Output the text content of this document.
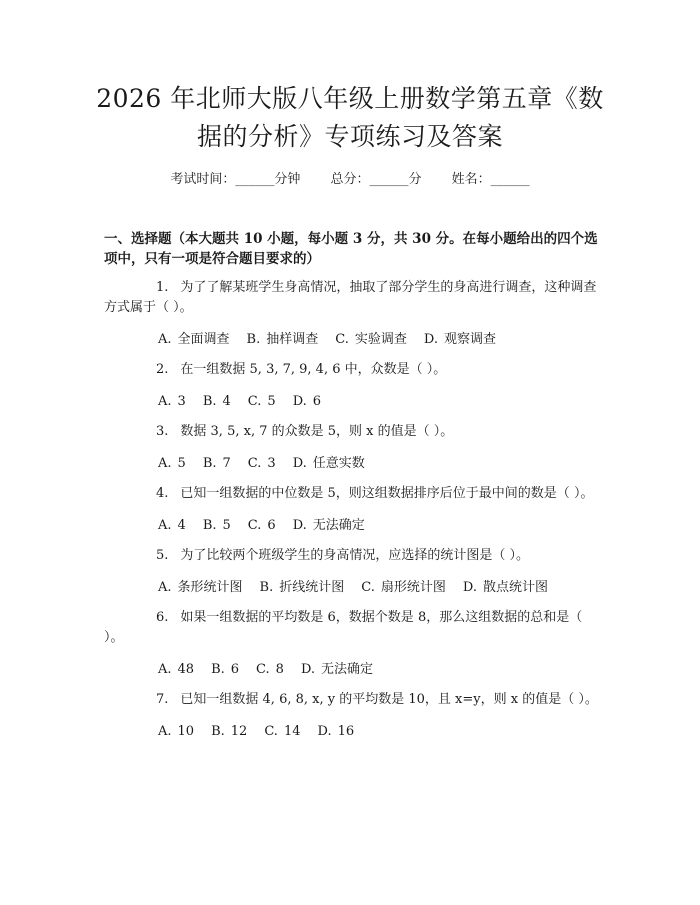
2026 年北师大版八年级上册数学第五章《数
据的分析》专项练习及答案
考试时间：______分钟 总分：______分 姓名：______
一、选择题（本大题共 10 小题，每小题 3 分，共 30 分。在每小题给出的四个选项中，只有一项是符合题目要求的）
1. 为了了解某班学生身高情况，抽取了部分学生的身高进行调查，这种调查方式属于（ ）。
A. 全面调查 B. 抽样调查 C. 实验调查 D. 观察调查
2. 在一组数据 5, 3, 7, 9, 4, 6 中，众数是（ ）。
A. 3 B. 4 C. 5 D. 6
3. 数据 3, 5, x, 7 的众数是 5，则 x 的值是（ ）。
A. 5 B. 7 C. 3 D. 任意实数
4. 已知一组数据的中位数是 5，则这组数据排序后位于最中间的数是（ ）。
A. 4 B. 5 C. 6 D. 无法确定
5. 为了比较两个班级学生的身高情况，应选择的统计图是（ ）。
A. 条形统计图 B. 折线统计图 C. 扇形统计图 D. 散点统计图
6. 如果一组数据的平均数是 6，数据个数是 8，那么这组数据的总和是（ ）。
A. 48 B. 6 C. 8 D. 无法确定
7. 已知一组数据 4, 6, 8, x, y 的平均数是 10，且 x=y，则 x 的值是（ ）。
A. 10 B. 12 C. 14 D. 16
